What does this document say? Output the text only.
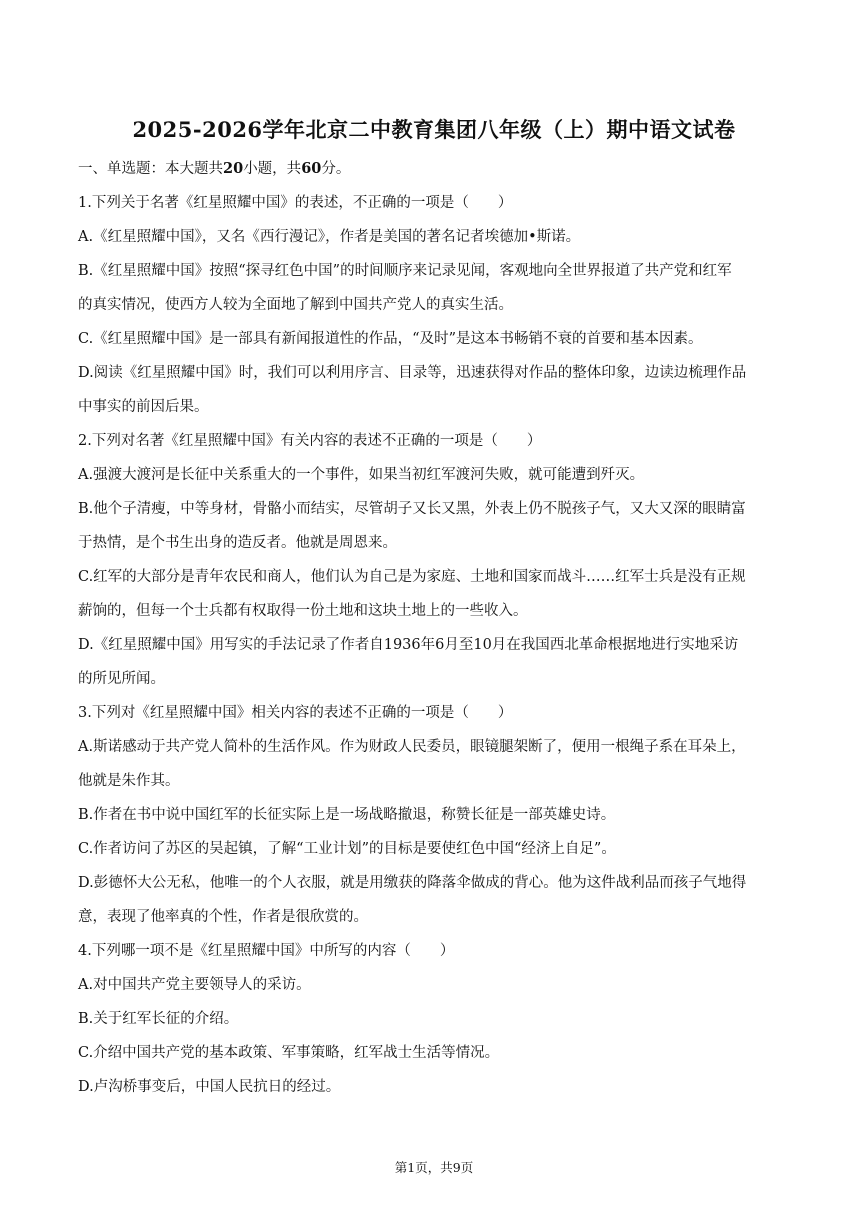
2025-2026学年北京二中教育集团八年级（上）期中语文试卷
一、单选题：本大题共20小题，共60分。
1.下列关于名著《红星照耀中国》的表述，不正确的一项是（　　）
A.《红星照耀中国》，又名《西行漫记》，作者是美国的著名记者埃德加•斯诺。
B.《红星照耀中国》按照“探寻红色中国”的时间顺序来记录见闻，客观地向全世界报道了共产党和红军
的真实情况，使西方人较为全面地了解到中国共产党人的真实生活。
C.《红星照耀中国》是一部具有新闻报道性的作品，“及时”是这本书畅销不衰的首要和基本因素。
D.阅读《红星照耀中国》时，我们可以利用序言、目录等，迅速获得对作品的整体印象，边读边梳理作品
中事实的前因后果。
2.下列对名著《红星照耀中国》有关内容的表述不正确的一项是（　　）
A.强渡大渡河是长征中关系重大的一个事件，如果当初红军渡河失败，就可能遭到歼灭。
B.他个子清瘦，中等身材，骨骼小而结实，尽管胡子又长又黑，外表上仍不脱孩子气，又大又深的眼睛富
于热情，是个书生出身的造反者。他就是周恩来。
C.红军的大部分是青年农民和商人，他们认为自己是为家庭、土地和国家而战斗……红军士兵是没有正规
薪饷的，但每一个士兵都有权取得一份土地和这块土地上的一些收入。
D.《红星照耀中国》用写实的手法记录了作者自1936年6月至10月在我国西北革命根据地进行实地采访
的所见所闻。
3.下列对《红星照耀中国》相关内容的表述不正确的一项是（　　）
A.斯诺感动于共产党人简朴的生活作风。作为财政人民委员，眼镜腿架断了，便用一根绳子系在耳朵上，
他就是朱作其。
B.作者在书中说中国红军的长征实际上是一场战略撤退，称赞长征是一部英雄史诗。
C.作者访问了苏区的吴起镇，了解“工业计划”的目标是要使红色中国“经济上自足”。
D.彭德怀大公无私，他唯一的个人衣服，就是用缴获的降落伞做成的背心。他为这件战利品而孩子气地得
意，表现了他率真的个性，作者是很欣赏的。
4.下列哪一项不是《红星照耀中国》中所写的内容（　　）
A.对中国共产党主要领导人的采访。
B.关于红军长征的介绍。
C.介绍中国共产党的基本政策、军事策略，红军战士生活等情况。
D.卢沟桥事变后，中国人民抗日的经过。
第1页，共9页
